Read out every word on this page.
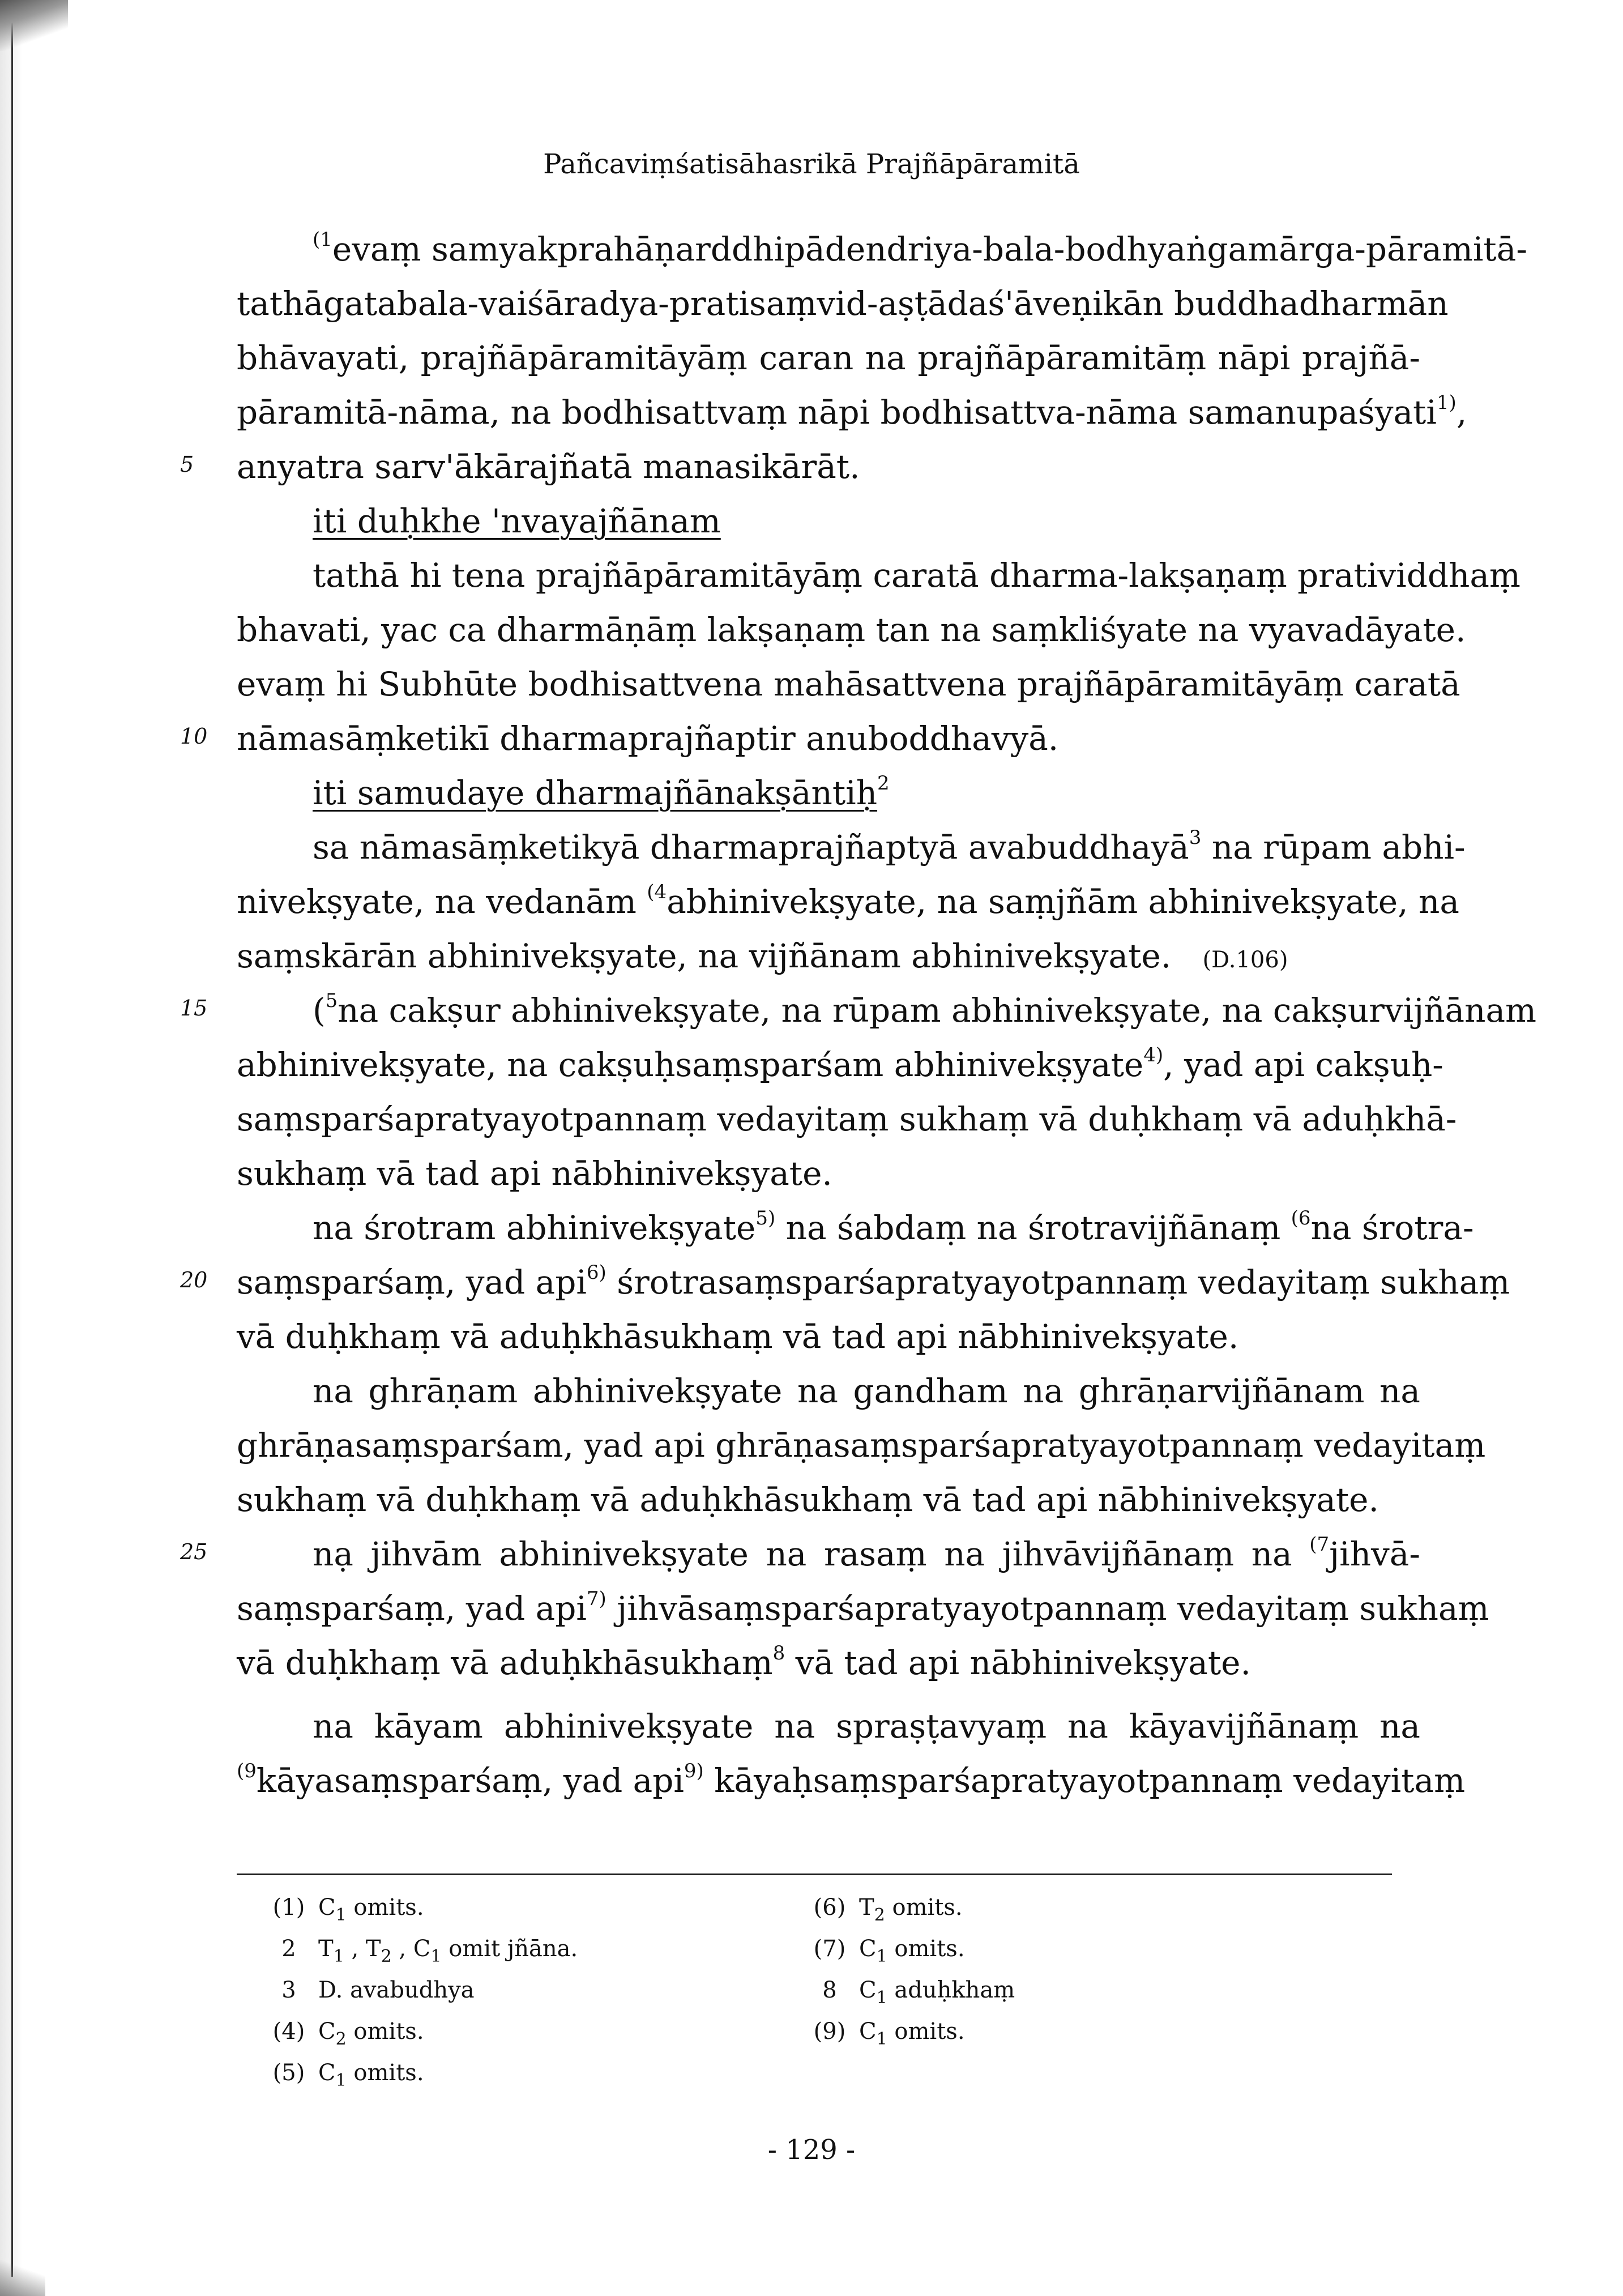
Pañcaviṃśatisāhasrikā Prajñāpāramitā
$^{(1}$evaṃ samyakprahāṇarddhipādendriya-bala-bodhyaṅgamārga-pāramitā-
tathāgatabala-vaiśāradya-pratisaṃvid-aṣṭādaś'āveṇikān buddhadharmān
bhāvayati, prajñāpāramitāyāṃ caran na prajñāpāramitāṃ nāpi prajñā-
pāramitā-nāma, na bodhisattvaṃ nāpi bodhisattva-nāma samanupaśyati$^{1)}$,
5 anyatra sarv'ākārajñatā manasikārāt.
iti duḥkhe 'nvayajñānam
tathā hi tena prajñāpāramitāyāṃ caratā dharma-lakṣaṇaṃ pratividdhaṃ
bhavati, yac ca dharmāṇāṃ lakṣaṇaṃ tan na saṃkliśyate na vyavadāyate.
evaṃ hi Subhūte bodhisattvena mahāsattvena prajñāpāramitāyāṃ caratā
10 nāmasāṃketikī dharmaprajñaptir anuboddhavyā.
iti samudaye dharmajñānakṣāntiḥ$^2$
sa nāmasāṃketikyā dharmaprajñaptyā avabuddhayā$^3$ na rūpam abhi-
nivekṣyate, na vedanām $^{(4}$abhinivekṣyate, na saṃjñām abhinivekṣyate, na
saṃskārān abhinivekṣyate, na vijñānam abhinivekṣyate. (D.106)
15	($^5$na cakṣur abhinivekṣyate, na rūpam abhinivekṣyate, na cakṣurvijñānam
abhinivekṣyate, na cakṣuḥsaṃsparśam abhinivekṣyate$^{4)}$, yad api cakṣuḥ-
saṃsparśapratyayotpannaṃ vedayitaṃ sukhaṃ vā duḥkhaṃ vā aduḥkhā-
sukhaṃ vā tad api nābhinivekṣyate.
na śrotram abhinivekṣyate$^{5)}$ na śabdaṃ na śrotravijñānaṃ $^{(6}$na śrotra-
20 saṃsparśaṃ, yad api$^{6)}$ śrotrasaṃsparśapratyayotpannaṃ vedayitaṃ sukhaṃ
vā duḥkhaṃ vā aduḥkhāsukhaṃ vā tad api nābhinivekṣyate.
na ghrāṇam abhinivekṣyate na gandham na ghrāṇarvijñānam na
ghrāṇasaṃsparśam, yad api ghrāṇasaṃsparśapratyayotpannaṃ vedayitaṃ
sukhaṃ vā duḥkhaṃ vā aduḥkhāsukhaṃ vā tad api nābhinivekṣyate.
25	nạ jihvām abhinivekṣyate na rasaṃ na jihvāvijñānaṃ na $^{(7}$jihvā-
saṃsparśaṃ, yad api$^{7)}$ jihvāsaṃsparśapratyayotpannaṃ vedayitaṃ sukhaṃ
vā duḥkhaṃ vā aduḥkhāsukhaṃ$^8$ vā tad api nābhinivekṣyate.
na kāyam abhinivekṣyate na spraṣṭavyaṃ na kāyavijñānaṃ na
$^{(9}$kāyasaṃsparśaṃ, yad api$^{9)}$ kāyaḥsaṃsparśapratyayotpannaṃ vedayitaṃ
(1) $C_1$ omits.
2 $T_1$ , $T_2$ , $C_1$ omit jñāna.
3 D. avabudhya
(4) $C_2$ omits.
(5) $C_1$ omits.
(6) $T_2$ omits.
(7) $C_1$ omits.
8 $C_1$ aduḥkhaṃ
(9) $C_1$ omits.
- 129 -
